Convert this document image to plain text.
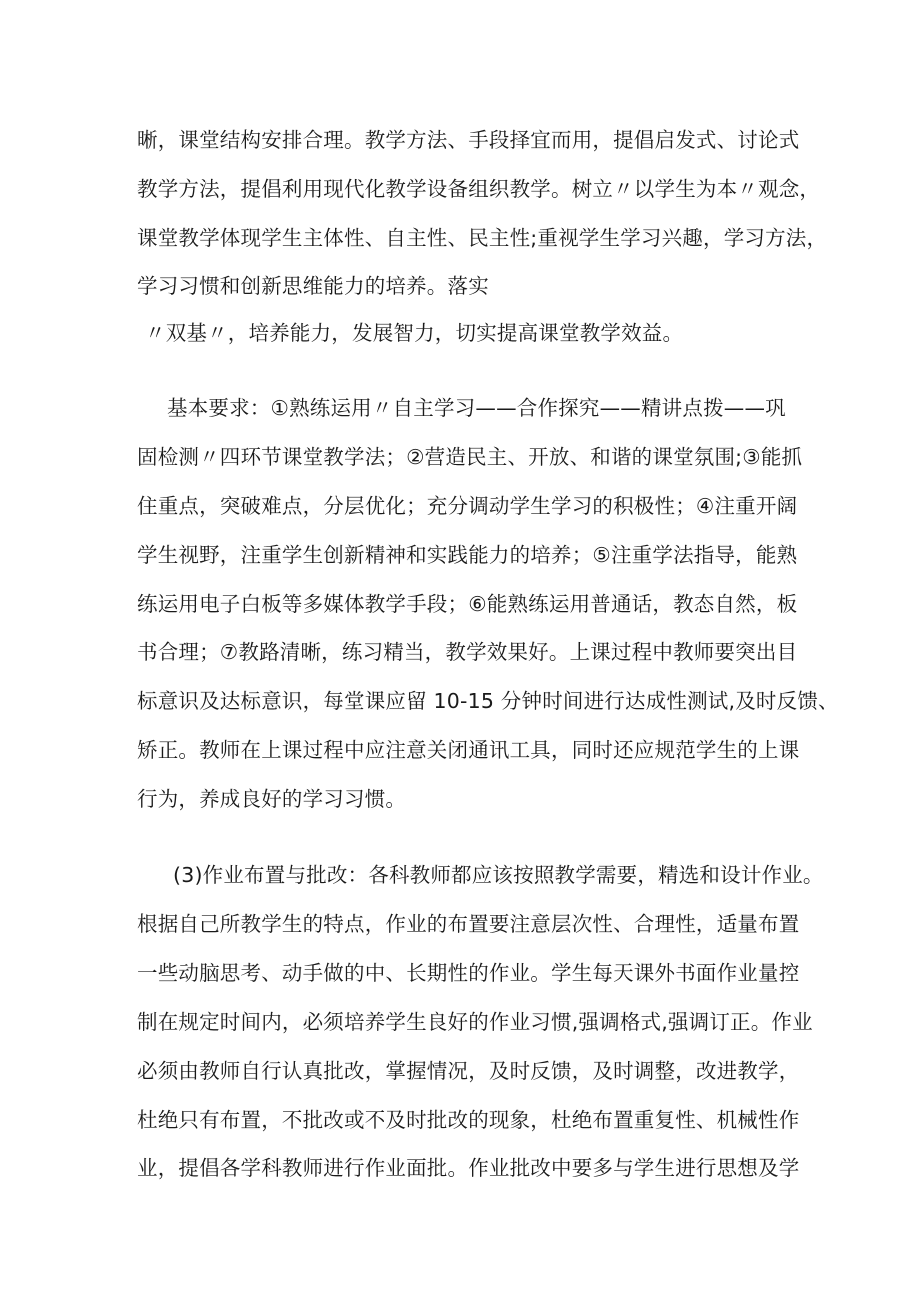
晰，课堂结构安排合理。教学方法、手段择宜而用，提倡启发式、讨论式
教学方法，提倡利用现代化教学设备组织教学。树立〃以学生为本〃观念，
课堂教学体现学生主体性、自主性、民主性;重视学生学习兴趣，学习方法，
学习习惯和创新思维能力的培养。落实
〃双基〃，培养能力，发展智力，切实提高课堂教学效益。
基本要求：①熟练运用〃自主学习——合作探究——精讲点拨——巩
固检测〃四环节课堂教学法；②营造民主、开放、和谐的课堂氛围;③能抓
住重点，突破难点，分层优化；充分调动学生学习的积极性；④注重开阔
学生视野，注重学生创新精神和实践能力的培养；⑤注重学法指导，能熟
练运用电子白板等多媒体教学手段；⑥能熟练运用普通话，教态自然，板
书合理；⑦教路清晰，练习精当，教学效果好。上课过程中教师要突出目
标意识及达标意识，每堂课应留 10-15 分钟时间进行达成性测试,及时反馈、
矫正。教师在上课过程中应注意关闭通讯工具，同时还应规范学生的上课
行为，养成良好的学习习惯。
(3)作业布置与批改：各科教师都应该按照教学需要，精选和设计作业。
根据自己所教学生的特点，作业的布置要注意层次性、合理性，适量布置
一些动脑思考、动手做的中、长期性的作业。学生每天课外书面作业量控
制在规定时间内，必须培养学生良好的作业习惯,强调格式,强调订正。作业
必须由教师自行认真批改，掌握情况，及时反馈，及时调整，改进教学，
杜绝只有布置，不批改或不及时批改的现象，杜绝布置重复性、机械性作
业，提倡各学科教师进行作业面批。作业批改中要多与学生进行思想及学
